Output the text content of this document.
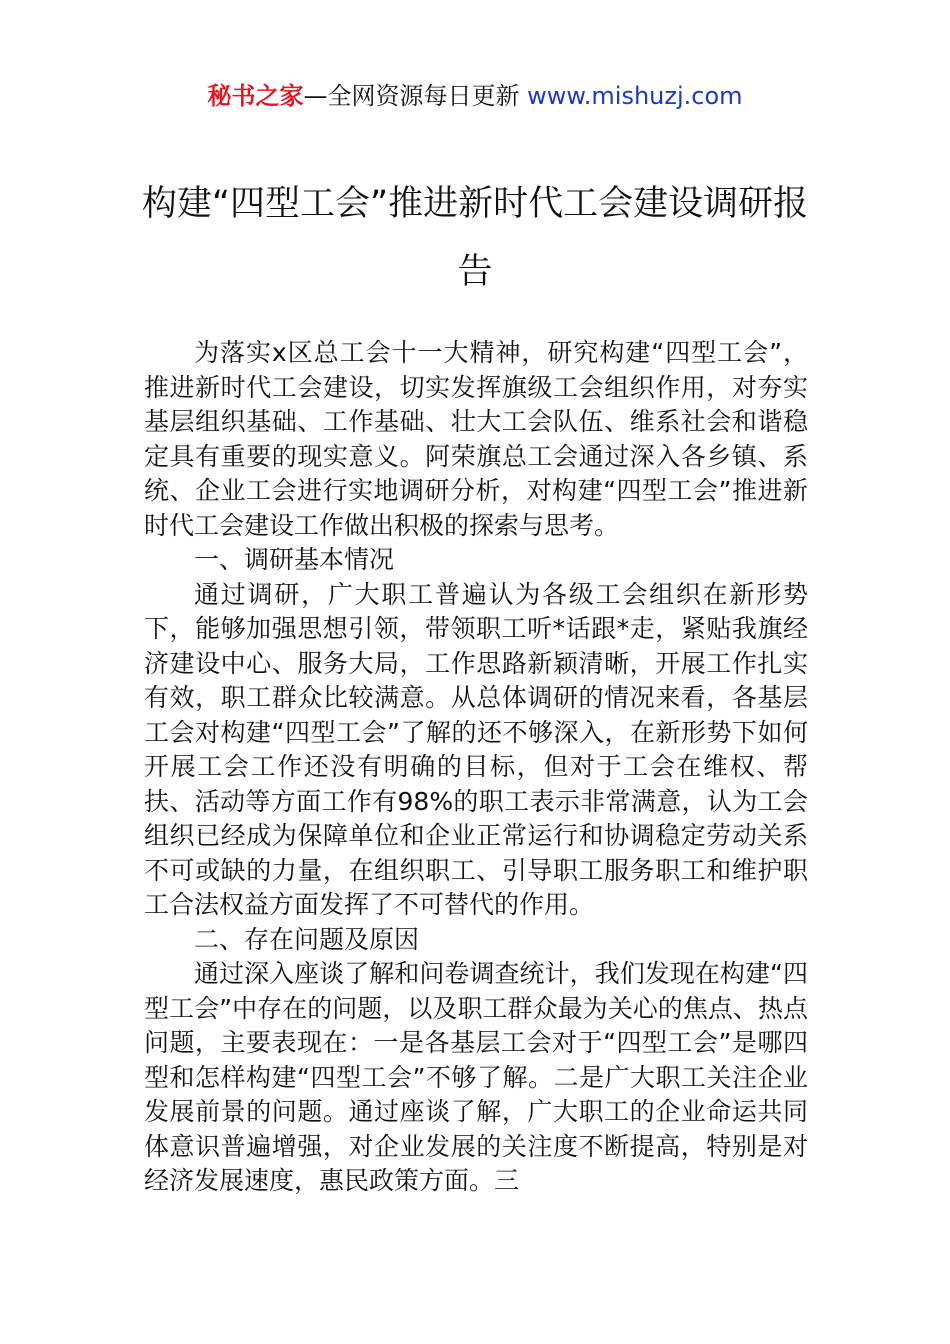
秘书之家—全网资源每日更新 www.mishuzj.com
构建“四型工会”推进新时代工会建设调研报告

为落实x区总工会十一大精神，研究构建“四型工会”，推进新时代工会建设，切实发挥旗级工会组织作用，对夯实基层组织基础、工作基础、壮大工会队伍、维系社会和谐稳定具有重要的现实意义。阿荣旗总工会通过深入各乡镇、系统、企业工会进行实地调研分析，对构建“四型工会”推进新时代工会建设工作做出积极的探索与思考。

一、调研基本情况

通过调研，广大职工普遍认为各级工会组织在新形势下，能够加强思想引领，带领职工听*话跟*走，紧贴我旗经济建设中心、服务大局，工作思路新颖清晰，开展工作扎实有效，职工群众比较满意。从总体调研的情况来看，各基层工会对构建“四型工会”了解的还不够深入，在新形势下如何开展工会工作还没有明确的目标，但对于工会在维权、帮扶、活动等方面工作有98%的职工表示非常满意，认为工会组织已经成为保障单位和企业正常运行和协调稳定劳动关系不可或缺的力量，在组织职工、引导职工服务职工和维护职工合法权益方面发挥了不可替代的作用。

二、存在问题及原因

通过深入座谈了解和问卷调查统计，我们发现在构建“四型工会”中存在的问题，以及职工群众最为关心的焦点、热点问题，主要表现在：一是各基层工会对于“四型工会”是哪四型和怎样构建“四型工会”不够了解。二是广大职工关注企业发展前景的问题。通过座谈了解，广大职工的企业命运共同体意识普遍增强，对企业发展的关注度不断提高，特别是对经济发展速度，惠民政策方面。三
